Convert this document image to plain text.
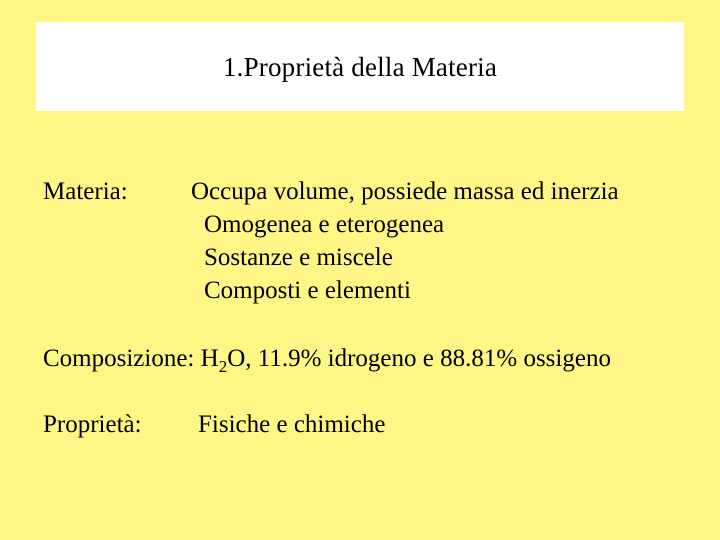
1.Proprietà della Materia
Materia:	Occupa volume, possiede massa ed inerzia
Omogenea e eterogenea
Sostanze e miscele
Composti e elementi
Composizione: $H_2O$, 11.9% idrogeno e 88.81% ossigeno
Proprietà: Fisiche e chimiche
